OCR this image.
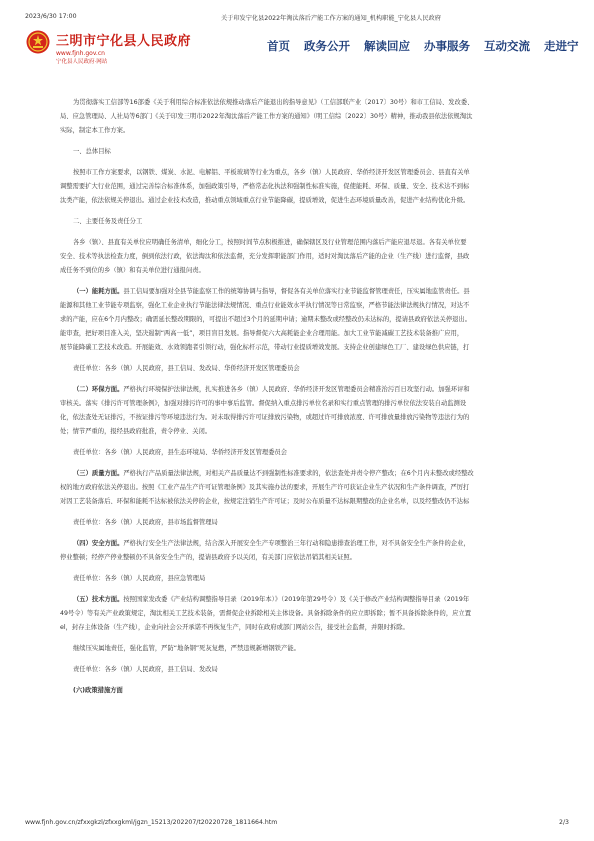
2023/6/30 17:00	关于印发宁化县2022年淘汰落后产能工作方案的通知_机构职能_宁化县人民政府
三明市宁化县人民政府
www.fjnh.gov.cn
宁化县人民政府·网站
首页 政务公开 解读回应 办事服务 互动交流 走进宁

为贯彻落实工信部等16部委《关于利用综合标准依法依规推动落后产能退出的指导意见》（工信部联产业〔2017〕30号）和市工信局、发改委、

局、应急管理局、人社局等6部门《关于印发三明市2022年淘汰落后产能工作方案的通知》（明工信综〔2022〕30号）精神，推动我县依法依规淘汰

实际，制定本工作方案。

一、总体目标

按照市工作方案要求，以钢铁、煤炭、水泥、电解铝、平板玻璃等行业为重点，各乡（镇）人民政府、华侨经济开发区管理委员会、县直有关单

调整需要扩大行业范围，通过完善综合标准体系，加强政策引导，严格常态化执法和强制性标准实施，促使能耗、环保、质量、安全、技术达不到标

汰类产能，依法依规关停退出。通过企业技术改造，推动重点领域重点行业节能降碳，提质增效，促进生态环境质量改善，促进产业结构优化升级。

二、主要任务及责任分工

各乡（镇）、县直有关单位应明确任务清单，细化分工，按照时间节点积极推进，确保辖区及行业管理范围内落后产能应退尽退。各有关单位要

安全、技术等执法检查力度，倒到依法行政，依法淘汰和依法监督，充分发挥职能部门作用，适时对淘汰落后产能的企业（生产线）进行监督，县政

成任务不到位的乡（镇）和有关单位进行通报问责。

（一）能耗方面。县工信局要加强对全县节能监察工作的统筹协调与指导，督促各有关单位落实行业节能监督管理责任，压实属地监管责任。县

能源和其他工业节能专项监察，强化工业企业执行节能法律法规情况、重点行业能效水平执行情况等日常监察，严格节能法律法规执行情况，对达不

求的产能，应在6个月内整改；确需延长整改期限的，可提出不超过3个月的延期申请；逾期未整改或经整改仍未达标的，提请县政府依法关停退出。

能审查，把好项目准入关，坚决遏制“两高一低”，项目盲目发展。指导督促六大高耗能企业合理用能。加大工业节能减碳工艺技术装备推广应用，

展节能降碳工艺技术改造。开展能效、水效领跑者引领行动，强化标杆示范，带动行业提质增效发展。支持企业创建绿色工厂、建设绿色供应链，打

责任单位：各乡（镇）人民政府，县工信局、发改局、华侨经济开发区管理委员会

（二）环保方面。严格执行环境保护法律法规，扎实推进各乡（镇）人民政府、华侨经济开发区管理委员会精准治污百日攻坚行动。加强环评和

审核关。落实《排污许可管理条例》，加强对排污许可的事中事后监管。督促纳入重点排污单位名录和实行重点管理的排污单位依法安装自动监测设

化，依法查处无证排污，不按证排污等环境违法行为。对未取得排污许可证排放污染物，或超过许可排放浓度、许可排放量排放污染物等违法行为的

处；情节严重的，报经县政府批准，责令停业、关闭。

责任单位：各乡（镇）人民政府，县生态环境局、华侨经济开发区管理委员会

（三）质量方面。严格执行产品质量法律法规，对相关产品质量达不到强制性标准要求的，依法查处并责令停产整改；在6个月内未整改或经整改

权的地方政府依法关停退出。按照《工业产品生产许可证管理条例》及其实施办法的要求，开展生产许可获证企业生产状况和生产条件调查，严厉打

对因工艺装备落后、环保和能耗不达标被依法关停的企业，按规定注销生产许可证；及时公布质量不达标限期整改的企业名单，以及经整改仍不达标

责任单位：各乡（镇）人民政府，县市场监督管理局

（四）安全方面。严格执行安全生产法律法规，结合深入开展安全生产专项整治三年行动和隐患排查治理工作，对不具备安全生产条件的企业，

停业整顿；经停产停业整顿仍不具备安全生产的，提请县政府予以关闭，有关部门应依法吊销其相关证照。

责任单位：各乡（镇）人民政府，县应急管理局

（五）技术方面。按照国家发改委《产业结构调整指导目录（2019年本）》（2019年第29号令）及《关于修改产业结构调整指导目录（2019年

49号令）等有关产业政策规定，淘汰相关工艺技术装备，需督促企业拆除相关主体设备。具备拆除条件的应立即拆除；暂不具备拆除条件的，应立置

el，封存主体设备（生产线），企业向社会公开承诺不再恢复生产，同时在政府或部门网站公告，接受社会监督，并限时拆除。

继续压实属地责任，强化监管，严防“地条钢”死灰复燃，严禁违规新增钢铁产能。

责任单位：各乡（镇）人民政府，县工信局、发改局

(六)政策措施方面

www.fjnh.gov.cn/zfxxgkzl/zfxxgkml/jgzn_15213/202207/t20220728_1811664.htm	2/3
